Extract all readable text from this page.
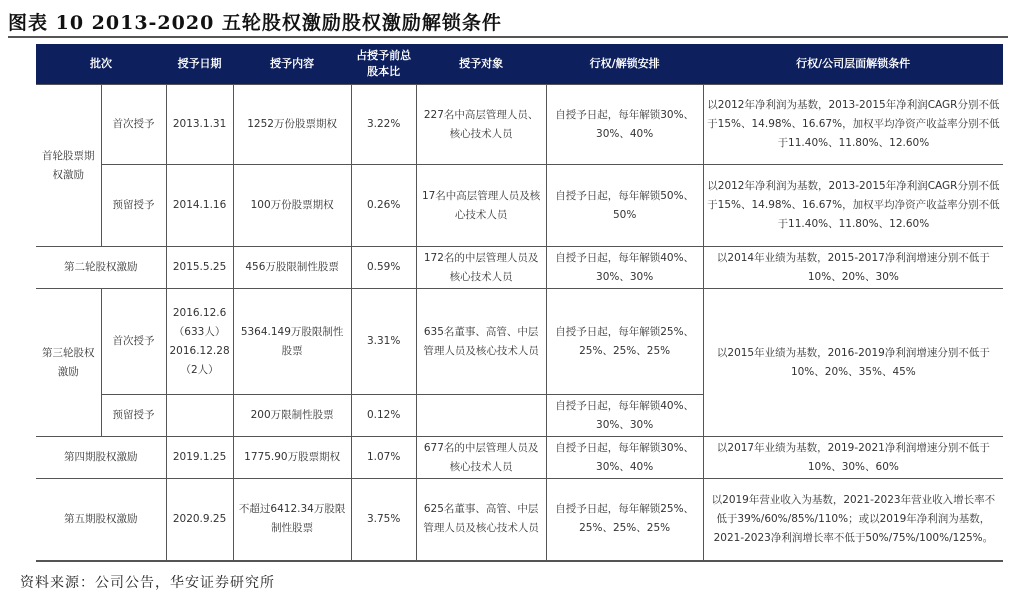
图表 10 2013-2020 五轮股权激励股权激励解锁条件
批次		授予日期	授予内容	占授予前总股本比	授予对象	行权/解锁安排	行权/公司层面解锁条件
首轮股票期权激励	首次授予	2013.1.31	1252万份股票期权	3.22%	227名中高层管理人员、核心技术人员	自授予日起，每年解锁30%、30%、40%	以2012年净利润为基数，2013-2015年净利润CAGR分别不低于15%、14.98%、16.67%，加权平均净资产收益率分别不低于11.40%、11.80%、12.60%
	预留授予	2014.1.16	100万份股票期权	0.26%	17名中高层管理人员及核心技术人员	自授予日起，每年解锁50%、50%	以2012年净利润为基数，2013-2015年净利润CAGR分别不低于15%、14.98%、16.67%，加权平均净资产收益率分别不低于11.40%、11.80%、12.60%
第二轮股权激励		2015.5.25	456万股限制性股票	0.59%	172名的中层管理人员及核心技术人员	自授予日起，每年解锁40%、30%、30%	以2014年业绩为基数，2015-2017净利润增速分别不低于10%、20%、30%
第三轮股权激励	首次授予	2016.12.6（633人）2016.12.28（2人）	5364.149万股限制性股票	3.31%	635名董事、高管、中层管理人员及核心技术人员	自授予日起，每年解锁25%、25%、25%、25%	以2015年业绩为基数，2016-2019净利润增速分别不低于10%、20%、35%、45%
	预留授予		200万限制性股票	0.12%		自授予日起，每年解锁40%、30%、30%	
第四期股权激励		2019.1.25	1775.90万股票期权	1.07%	677名的中层管理人员及核心技术人员	自授予日起，每年解锁30%、30%、40%	以2017年业绩为基数，2019-2021净利润增速分别不低于10%、30%、60%
第五期股权激励		2020.9.25	不超过6412.34万股限制性股票	3.75%	625名董事、高管、中层管理人员及核心技术人员	自授予日起，每年解锁25%、25%、25%、25%	以2019年营业收入为基数，2021-2023年营业收入增长率不低于39%/60%/85%/110%；或以2019年净利润为基数，2021-2023净利润增长率不低于50%/75%/100%/125%。
资料来源：公司公告，华安证券研究所
